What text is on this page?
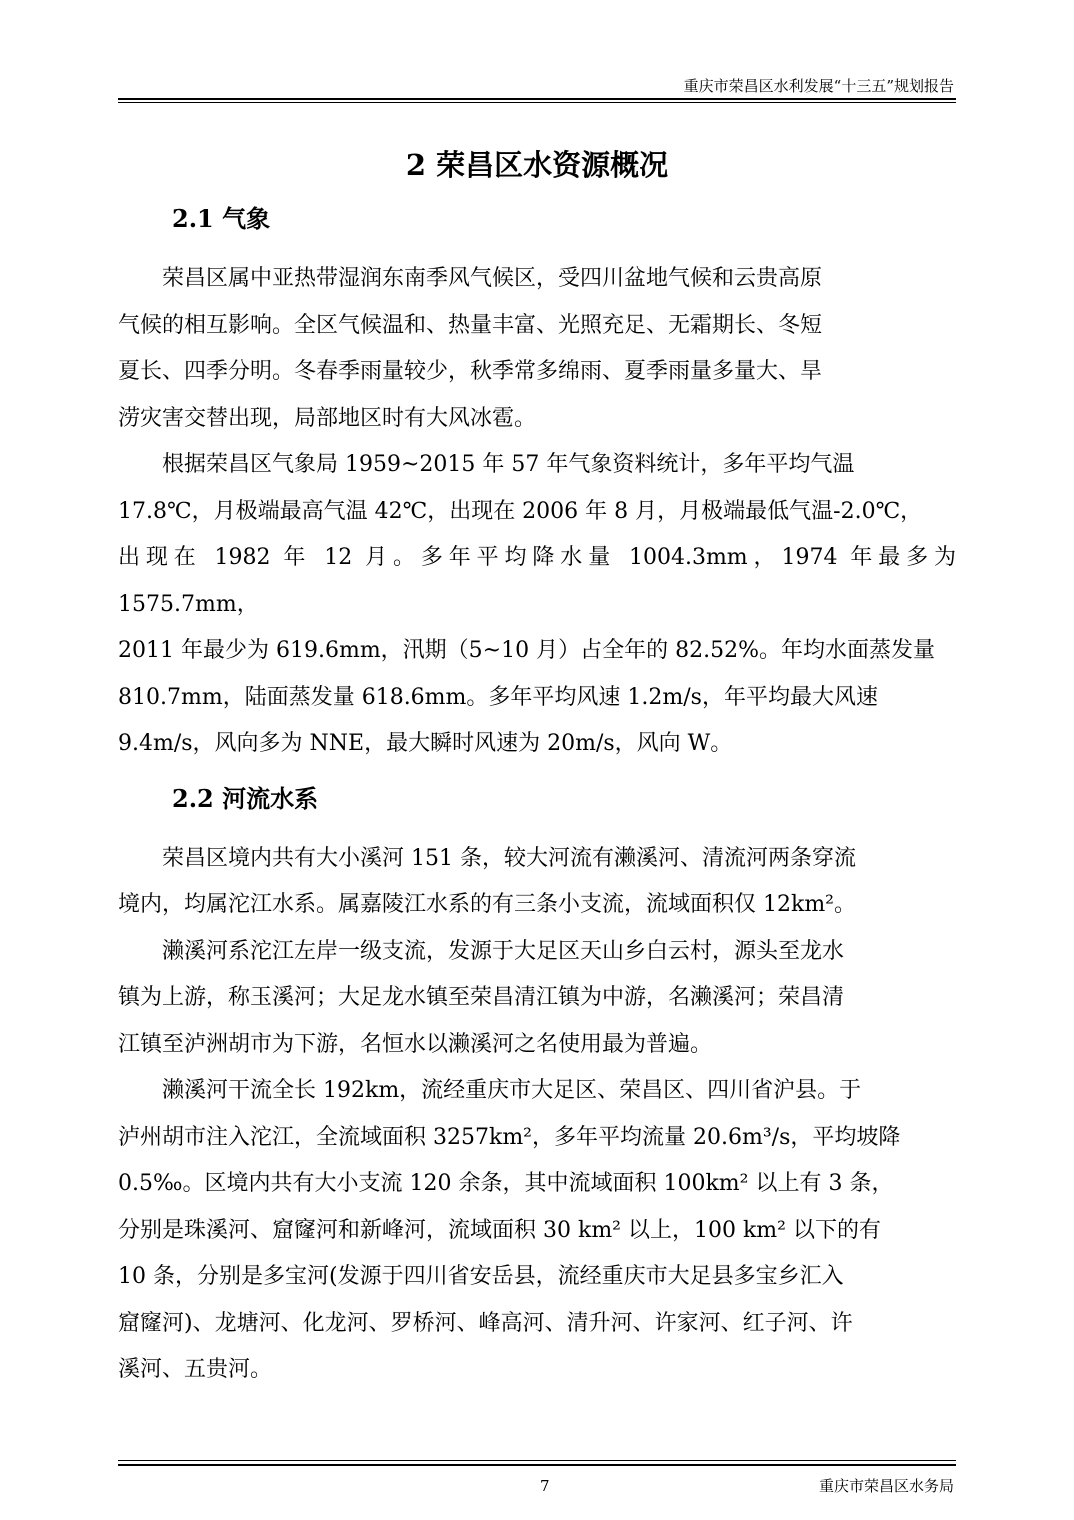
重庆市荣昌区水利发展“十三五”规划报告
2 荣昌区水资源概况
2.1 气象

荣昌区属中亚热带湿润东南季风气候区，受四川盆地气候和云贵高原
气候的相互影响。全区气候温和、热量丰富、光照充足、无霜期长、冬短
夏长、四季分明。冬春季雨量较少，秋季常多绵雨、夏季雨量多量大、旱
涝灾害交替出现，局部地区时有大风冰雹。

根据荣昌区气象局 1959~2015 年 57 年气象资料统计，多年平均气温
17.8℃，月极端最高气温 42℃，出现在 2006 年 8 月，月极端最低气温-2.0℃，
出现在 1982 年 12 月。多年平均降水量 1004.3mm，1974 年最多为 1575.7mm，
2011 年最少为 619.6mm，汛期（5~10 月）占全年的 82.52%。年均水面蒸发量
810.7mm，陆面蒸发量 618.6mm。多年平均风速 1.2m/s，年平均最大风速
9.4m/s，风向多为 NNE，最大瞬时风速为 20m/s，风向 W。

2.2 河流水系

荣昌区境内共有大小溪河 151 条，较大河流有濑溪河、清流河两条穿流
境内，均属沱江水系。属嘉陵江水系的有三条小支流，流域面积仅 12km²。

濑溪河系沱江左岸一级支流，发源于大足区天山乡白云村，源头至龙水
镇为上游，称玉溪河；大足龙水镇至荣昌清江镇为中游，名濑溪河；荣昌清
江镇至泸洲胡市为下游，名恒水以濑溪河之名使用最为普遍。

濑溪河干流全长 192km，流经重庆市大足区、荣昌区、四川省沪县。于
泸州胡市注入沱江，全流域面积 3257km²，多年平均流量 20.6m³/s，平均坡降
0.5‰。区境内共有大小支流 120 余条，其中流域面积 100km² 以上有 3 条，
分别是珠溪河、窟窿河和新峰河，流域面积 30 km² 以上，100 km² 以下的有
10 条，分别是多宝河(发源于四川省安岳县，流经重庆市大足县多宝乡汇入
窟窿河)、龙塘河、化龙河、罗桥河、峰高河、清升河、许家河、红子河、许
溪河、五贵河。

7	重庆市荣昌区水务局
